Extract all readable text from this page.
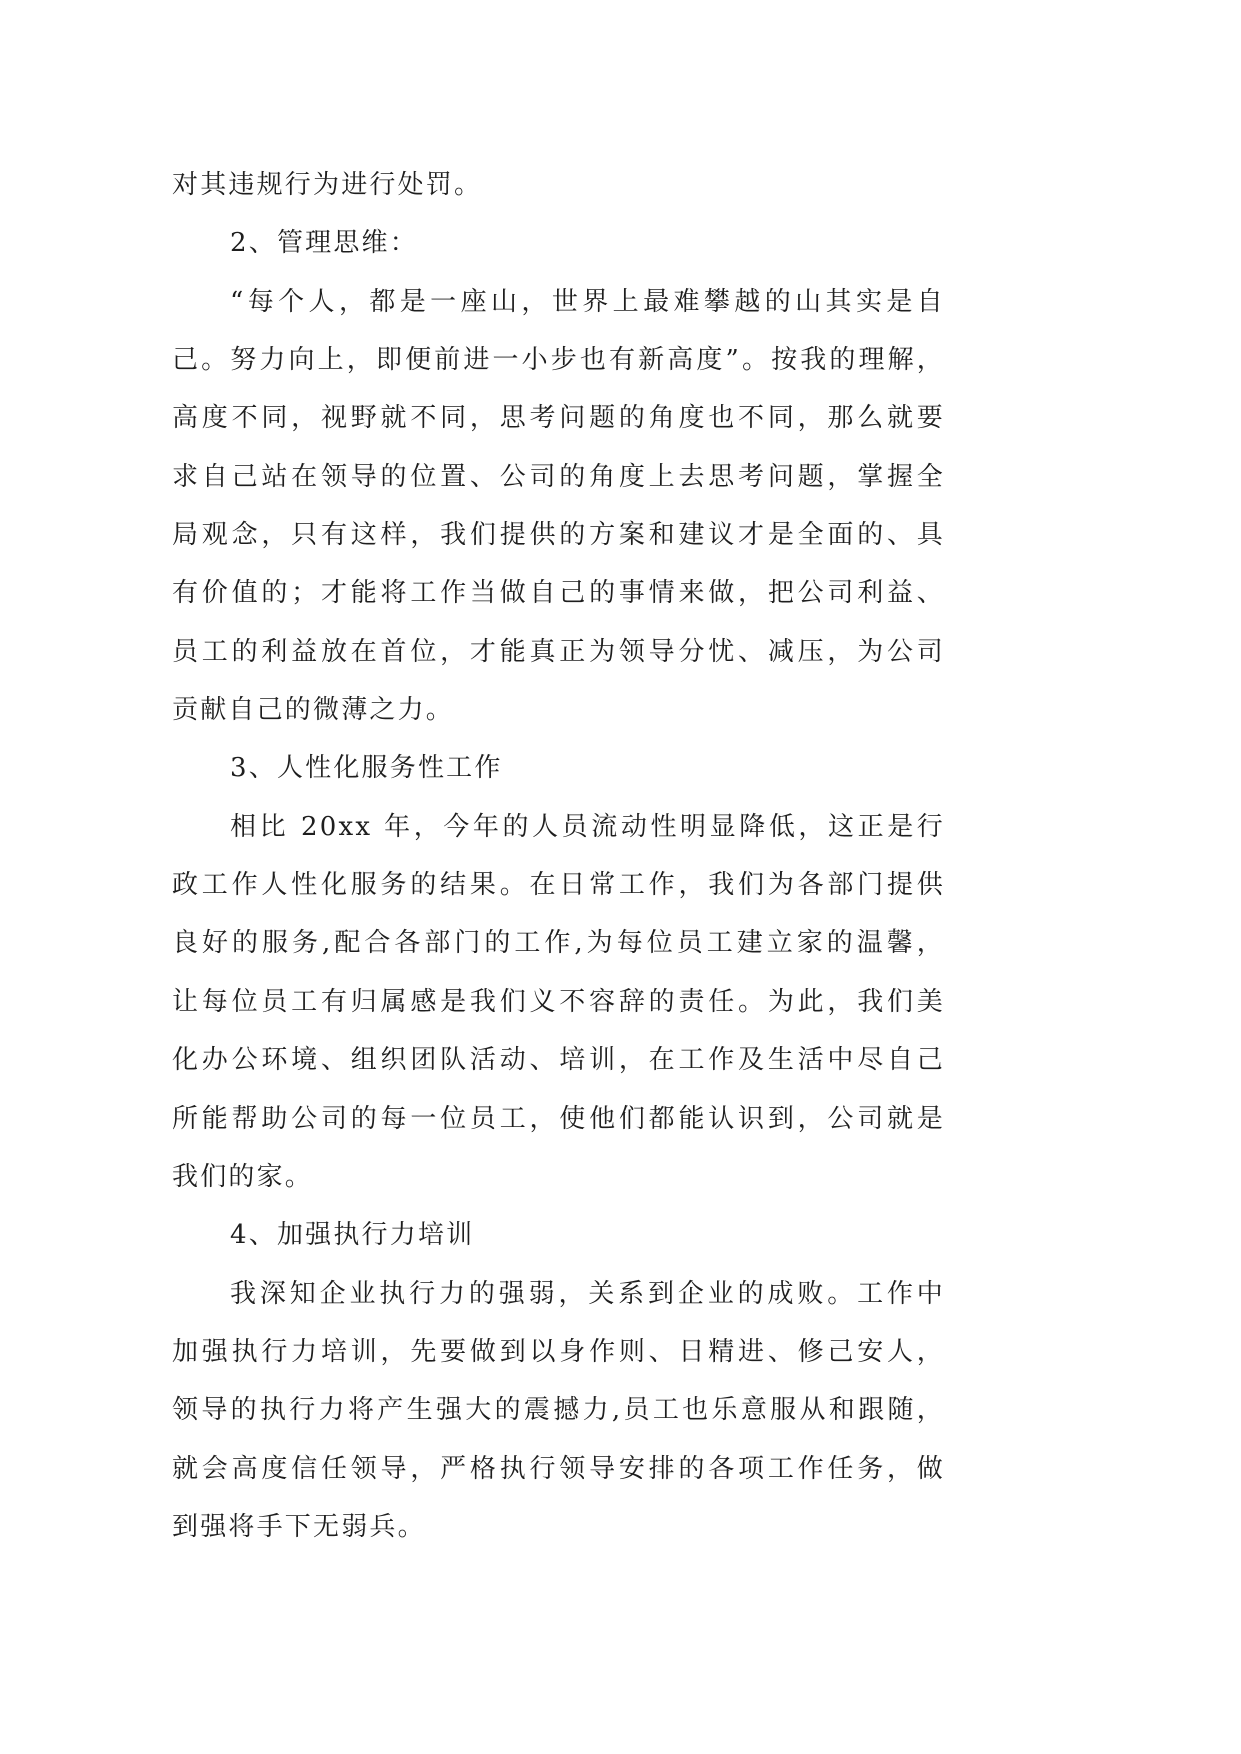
对其违规行为进行处罚。
2、管理思维：
“每个人，都是一座山，世界上最难攀越的山其实是自
己。努力向上，即便前进一小步也有新高度”。按我的理解，
高度不同，视野就不同，思考问题的角度也不同，那么就要
求自己站在领导的位置、公司的角度上去思考问题，掌握全
局观念，只有这样，我们提供的方案和建议才是全面的、具
有价值的；才能将工作当做自己的事情来做，把公司利益、
员工的利益放在首位，才能真正为领导分忧、减压，为公司
贡献自己的微薄之力。
3、人性化服务性工作
相比 20xx 年，今年的人员流动性明显降低，这正是行
政工作人性化服务的结果。在日常工作，我们为各部门提供
良好的服务,配合各部门的工作,为每位员工建立家的温馨，
让每位员工有归属感是我们义不容辞的责任。为此，我们美
化办公环境、组织团队活动、培训，在工作及生活中尽自己
所能帮助公司的每一位员工，使他们都能认识到，公司就是
我们的家。
4、加强执行力培训
我深知企业执行力的强弱，关系到企业的成败。工作中
加强执行力培训，先要做到以身作则、日精进、修己安人，
领导的执行力将产生强大的震撼力,员工也乐意服从和跟随，
就会高度信任领导，严格执行领导安排的各项工作任务，做
到强将手下无弱兵。
